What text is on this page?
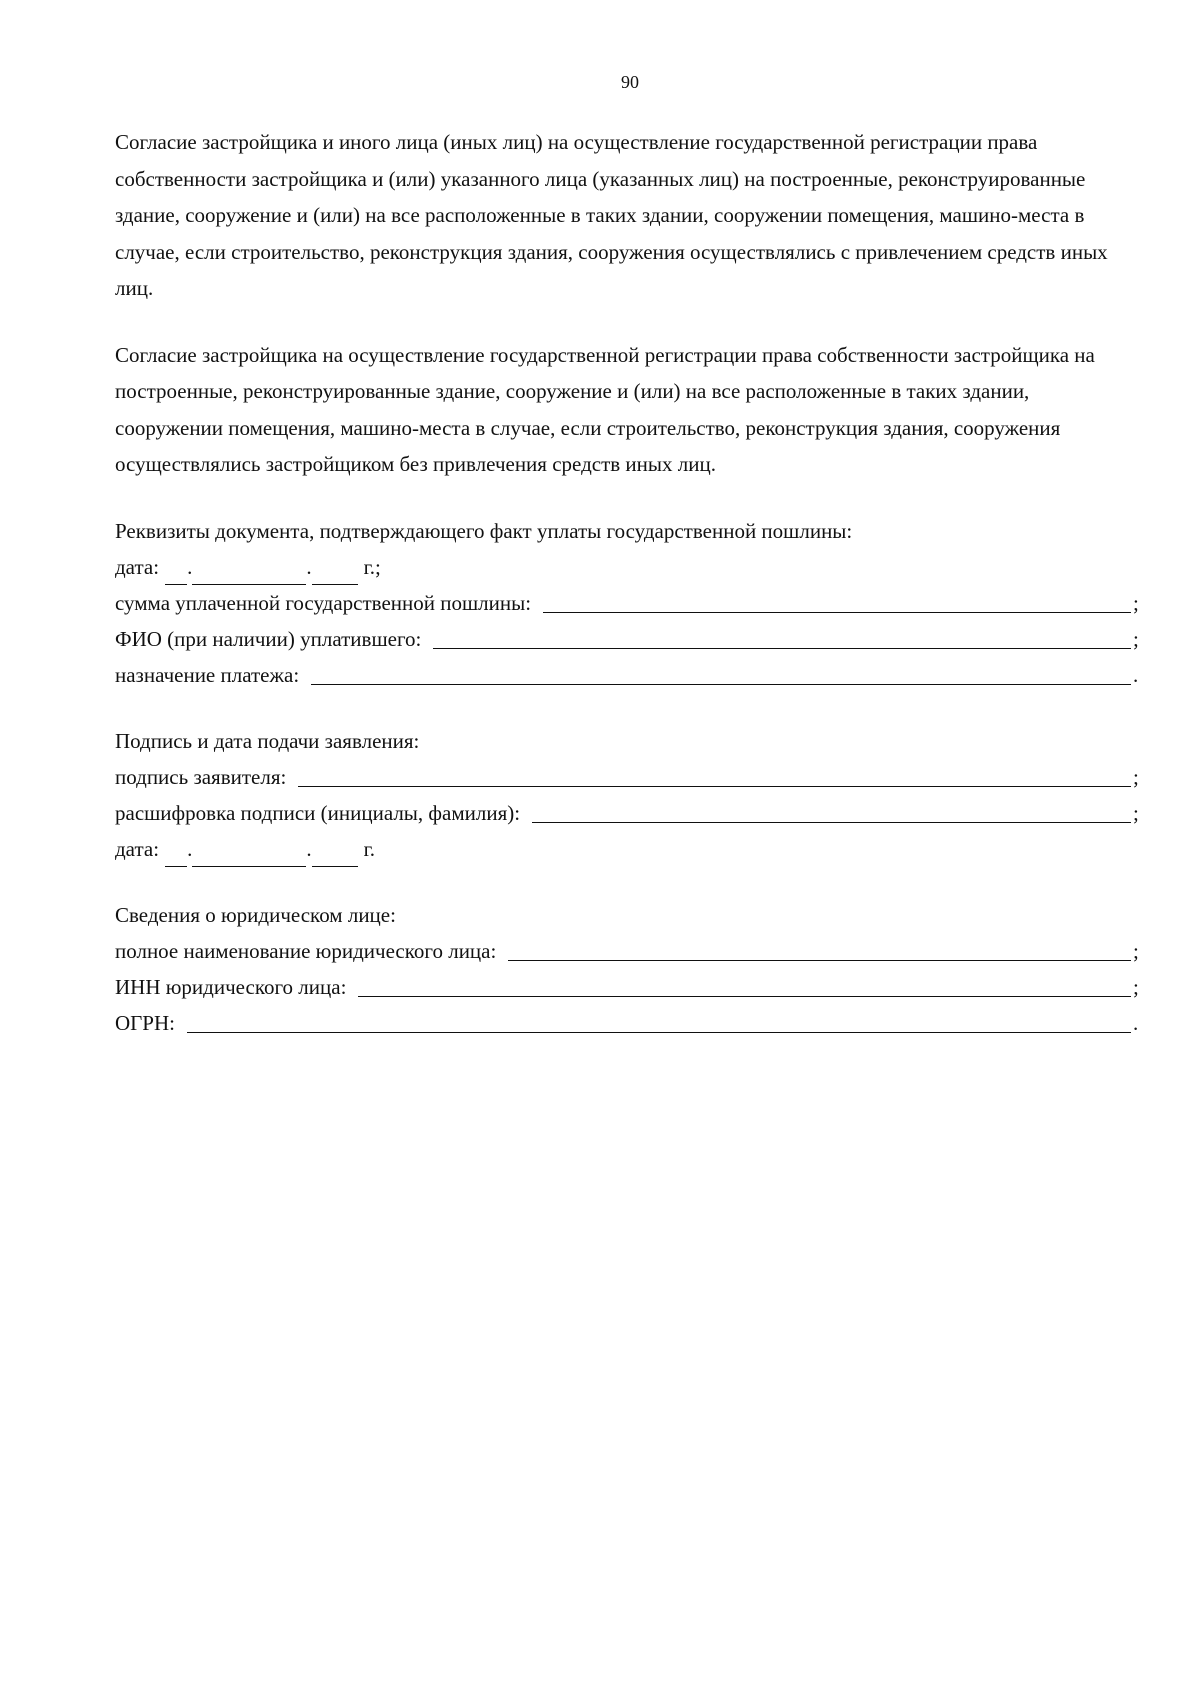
90

Согласие застройщика и иного лица (иных лиц) на осуществление государственной регистрации права собственности застройщика и (или) указанного лица (указанных лиц) на построенные, реконструированные здание, сооружение и (или) на все расположенные в таких здании, сооружении помещения, машино-места в случае, если строительство, реконструкция здания, сооружения осуществлялись с привлечением средств иных лиц.

Согласие застройщика на осуществление государственной регистрации права собственности застройщика на построенные, реконструированные здание, сооружение и (или) на все расположенные в таких здании, сооружении помещения, машино-места в случае, если строительство, реконструкция здания, сооружения осуществлялись застройщиком без привлечения средств иных лиц.

Реквизиты документа, подтверждающего факт уплаты государственной пошлины:
дата: .	. г.;
сумма уплаченной государственной пошлины:	;
ФИО (при наличии) уплатившего:	;
назначение платежа:	.
Подпись и дата подачи заявления:
подпись заявителя:	;
расшифровка подписи (инициалы, фамилия):	;
дата: .	. г.
Сведения о юридическом лице:
полное наименование юридического лица:	;
ИНН юридического лица:	;
ОГРН:	.
